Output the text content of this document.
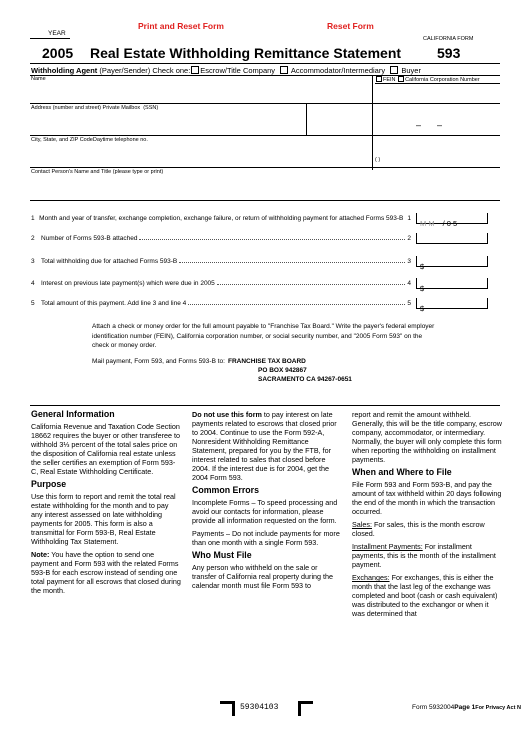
YEAR
Print and Reset Form	Reset Form
CALIFORNIA FORM
2005 Real Estate Withholding Remittance Statement	593
Withholding Agent (Payer/Sender) Check one: Escrow/Title Company Accommodator/Intermediary Buyer
Name	FEIN California Corporation Number
Address (number and street) Private Mailbox (SSN)
– –
City, State, and ZIP CodeDaytime telephone no.
( )
Contact Person's Name and Title (please type or print)
1 Month and year of transfer, exchange completion, exchange failure, or return of withholding payment for attached Forms 593-B 1
M M / 0 5
2 Number of Forms 593-B attached	2
3 Total withholding due for attached Forms 593-B	3
$
4 Interest on previous late payment(s) which were due in 2005	4
$
5 Total amount of this payment. Add line 3 and line 4	5
$
Attach a check or money order for the full amount payable to "Franchise Tax Board." Write the payer's federal employer identification number (FEIN), California corporation number, or social security number, and "2005 Form 593" on the check or money order.
Mail payment, Form 593, and Forms 593-B to: FRANCHISE TAX BOARD
PO BOX 942867
SACRAMENTO CA 94267-0651
General Information

California Revenue and Taxation Code Section 18662 requires the buyer or other transferee to withhold 3⅓ percent of the total sales price on the disposition of California real estate unless the seller certifies an exemption of Form 593-C, Real Estate Withholding Certificate.

Purpose

Use this form to report and remit the total real estate withholding for the month and to pay any interest assessed on late withholding payments for 2005. This form is also a transmittal for Form 593-B, Real Estate Withholding Tax Statement.

Note: You have the option to send one payment and Form 593 with the related Forms 593-B for each escrow instead of sending one total payment for all escrows that closed during the month.

Do not use this form to pay interest on late payments related to escrows that closed prior to 2004. Continue to use the Form 592-A, Nonresident Withholding Remittance Statement, prepared for you by the FTB, for interest related to sales that closed before 2004. If the interest due is for 2004, get the 2004 Form 593.

Common Errors

Incomplete Forms – To speed processing and avoid our contacts for information, please provide all information requested on the form.

Payments – Do not include payments for more than one month with a single Form 593.

Who Must File

Any person who withheld on the sale or transfer of California real property during the calendar month must file Form 593 to

report and remit the amount withheld. Generally, this will be the title company, escrow company, accommodator, or intermediary. Normally, the buyer will only complete this form when reporting the withholding on installment payments.

When and Where to File

File Form 593 and Form 593-B, and pay the amount of tax withheld within 20 days following the end of the month in which the transaction occurred.

Sales: For sales, this is the month escrow closed.

Installment Payments: For installment payments, this is the month of the installment payment.

Exchanges: For exchanges, this is either the month that the last leg of the exchange was completed and boot (cash or cash equivalent) was distributed to the exchangor or when it was determined that

59304103	Form 5932004Page 1For Privacy Act N
